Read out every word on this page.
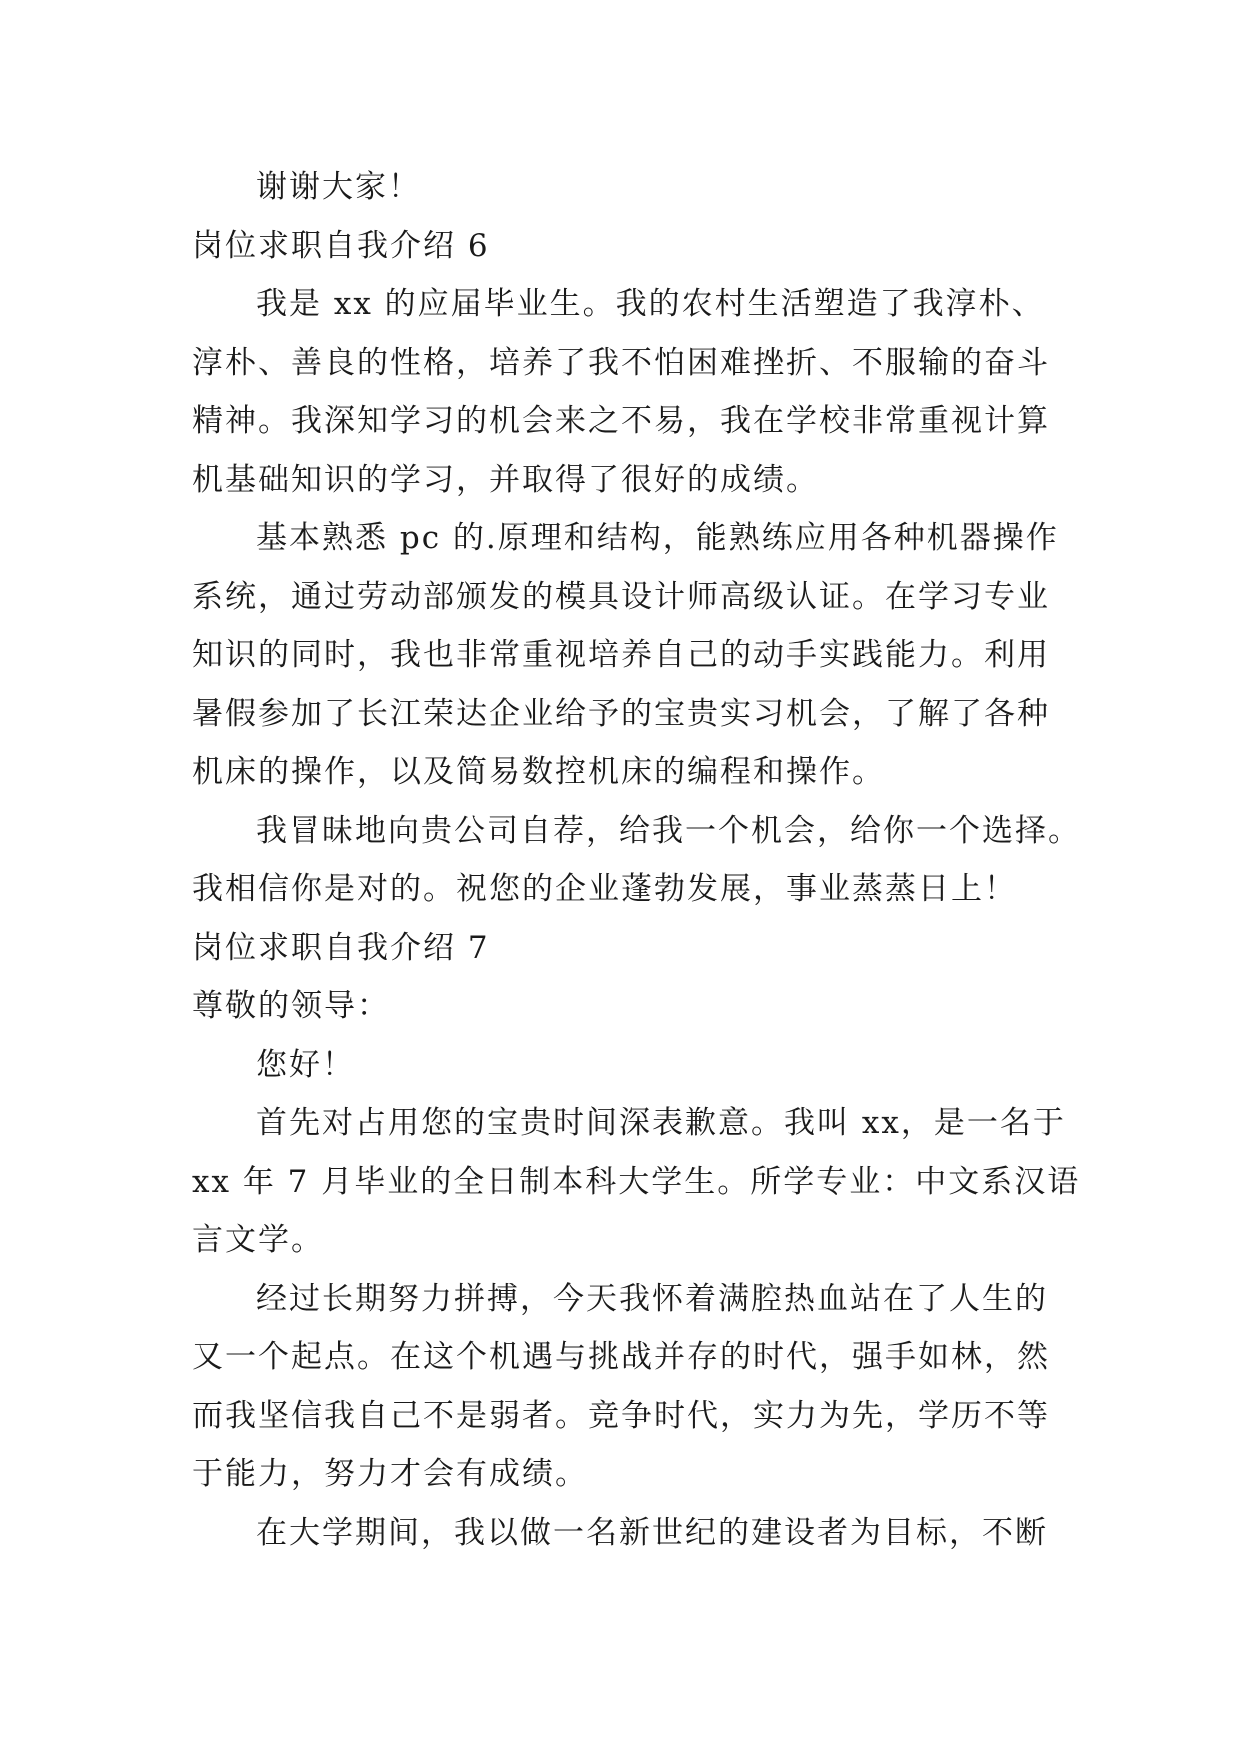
谢谢大家！
岗位求职自我介绍 6
我是 xx 的应届毕业生。我的农村生活塑造了我淳朴、
淳朴、善良的性格，培养了我不怕困难挫折、不服输的奋斗
精神。我深知学习的机会来之不易，我在学校非常重视计算
机基础知识的学习，并取得了很好的成绩。
基本熟悉 pc 的.原理和结构，能熟练应用各种机器操作
系统，通过劳动部颁发的模具设计师高级认证。在学习专业
知识的同时，我也非常重视培养自己的动手实践能力。利用
暑假参加了长江荣达企业给予的宝贵实习机会，了解了各种
机床的操作，以及简易数控机床的编程和操作。
我冒昧地向贵公司自荐，给我一个机会，给你一个选择。
我相信你是对的。祝您的企业蓬勃发展，事业蒸蒸日上！
岗位求职自我介绍 7
尊敬的领导：
您好！
首先对占用您的宝贵时间深表歉意。我叫 xx，是一名于
xx 年 7 月毕业的全日制本科大学生。所学专业：中文系汉语
言文学。
经过长期努力拼搏，今天我怀着满腔热血站在了人生的
又一个起点。在这个机遇与挑战并存的时代，强手如林，然
而我坚信我自己不是弱者。竞争时代，实力为先，学历不等
于能力，努力才会有成绩。
在大学期间，我以做一名新世纪的建设者为目标，不断
